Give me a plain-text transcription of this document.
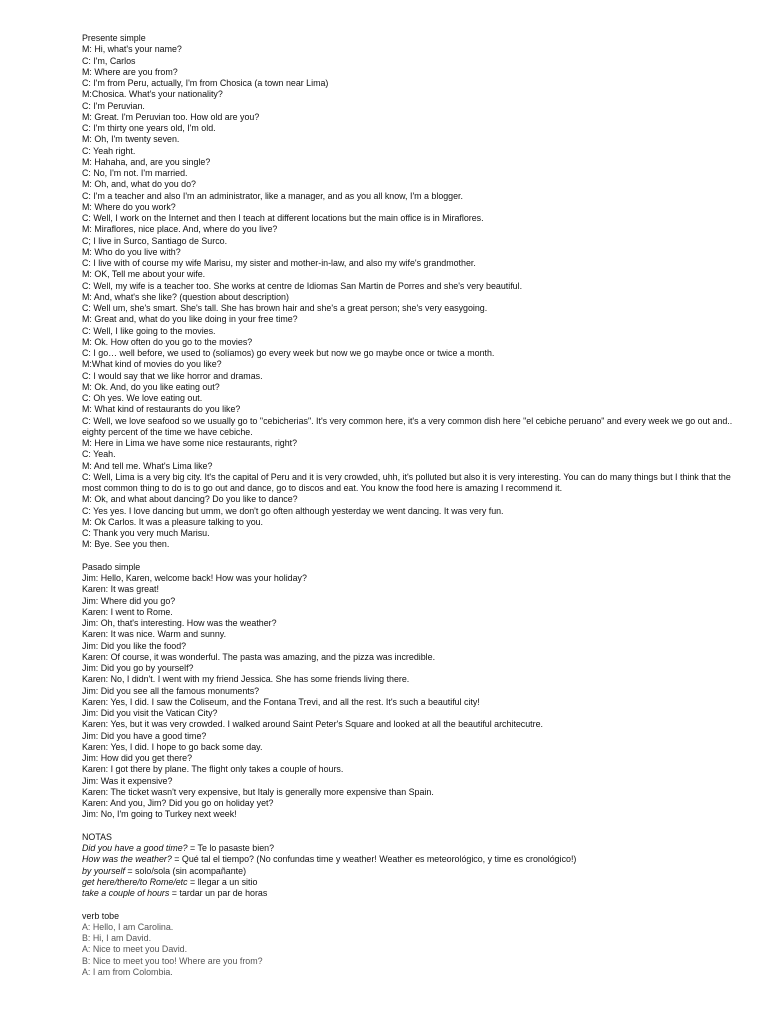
Presente simple
M: Hi, what's your name?
C: I'm, Carlos
M: Where are you from?
C: I'm from Peru, actually, I'm from Chosica (a town near Lima)
M:Chosica. What's your nationality?
C: I'm Peruvian.
M: Great. I'm Peruvian too. How old are you?
C: I'm thirty one years old, I'm old.
M: Oh, I'm twenty seven.
C: Yeah right.
M: Hahaha, and, are you single?
C: No, I'm not. I'm married.
M: Oh, and, what do you do?
C: I'm a teacher and also I'm an administrator, like a manager, and as you all know, I'm a blogger.
M: Where do you work?
C: Well, I work on the Internet and then I teach at different locations but the main office is in Miraflores.
M: Miraflores, nice place. And, where do you live?
C; I live in Surco, Santiago de Surco.
M: Who do you live with?
C: I live with of course my wife Marisu, my sister and mother-in-law, and also my wife's grandmother.
M: OK, Tell me about your wife.
C: Well, my wife is a teacher too. She works at centre de Idiomas San Martin de Porres and she's very beautiful.
M: And, what's she like? (question about description)
C: Well um, she's smart. She's tall. She has brown hair and she's a great person; she's very easygoing.
M: Great and, what do you like doing in your free time?
C: Well, I like going to the movies.
M: Ok. How often do you go to the movies?
C: I go… well before, we used to (solíamos) go every week but now we go maybe once or twice a month.
M:What kind of movies do you like?
C: I would say that we like horror and dramas.
M: Ok. And, do you like eating out?
C: Oh yes. We love eating out.
M: What kind of restaurants do you like?
C: Well, we love seafood so we usually go to "cebicherias". It's very common here, it's a very common dish here "el cebiche peruano" and every week we go out and.. eighty percent of the time we have cebiche.
M: Here in Lima we have some nice restaurants, right?
C: Yeah.
M: And tell me. What's Lima like?
C: Well, Lima is a very big city. It's the capital of Peru and it is very crowded, uhh, it's polluted but also it is very interesting. You can do many things but I think that the most common thing to do is to go out and dance, go to discos and eat. You know the food here is amazing I recommend it.
M: Ok, and what about dancing? Do you like to dance?
C: Yes yes. I love dancing but umm, we don't go often although yesterday we went dancing. It was very fun.
M: Ok Carlos. It was a pleasure talking to you.
C: Thank you very much Marisu.
M: Bye. See you then.
Pasado simple
Jim: Hello, Karen, welcome back! How was your holiday?
Karen: It was great!
Jim: Where did you go?
Karen: I went to Rome.
Jim: Oh, that's interesting. How was the weather?
Karen: It was nice. Warm and sunny.
Jim: Did you like the food?
Karen: Of course, it was wonderful. The pasta was amazing, and the pizza was incredible.
Jim: Did you go by yourself?
Karen: No, I didn't. I went with my friend Jessica. She has some friends living there.
Jim: Did you see all the famous monuments?
Karen: Yes, I did. I saw the Coliseum, and the Fontana Trevi, and all the rest. It's such a beautiful city!
Jim: Did you visit the Vatican City?
Karen: Yes, but it was very crowded. I walked around Saint Peter's Square and looked at all the beautiful architecutre.
Jim: Did you have a good time?
Karen: Yes, I did. I hope to go back some day.
Jim: How did you get there?
Karen: I got there by plane. The flight only takes a couple of hours.
Jim: Was it expensive?
Karen: The ticket wasn't very expensive, but Italy is generally more expensive than Spain.
Karen: And you, Jim? Did you go on holiday yet?
Jim: No, I'm going to Turkey next week!
NOTAS
Did you have a good time? = Te lo pasaste bien?
How was the weather? = Qué tal el tiempo? (No confundas time y weather! Weather es meteorológico, y time es cronológico!)
by yourself = solo/sola (sin acompañante)
get here/there/to Rome/etc = llegar a un sitio
take a couple of hours = tardar un par de horas
verb tobe
A: Hello, I am Carolina.
B: Hi, I am David.
A: Nice to meet you David.
B: Nice to meet you too! Where are you from?
A: I am from Colombia.
